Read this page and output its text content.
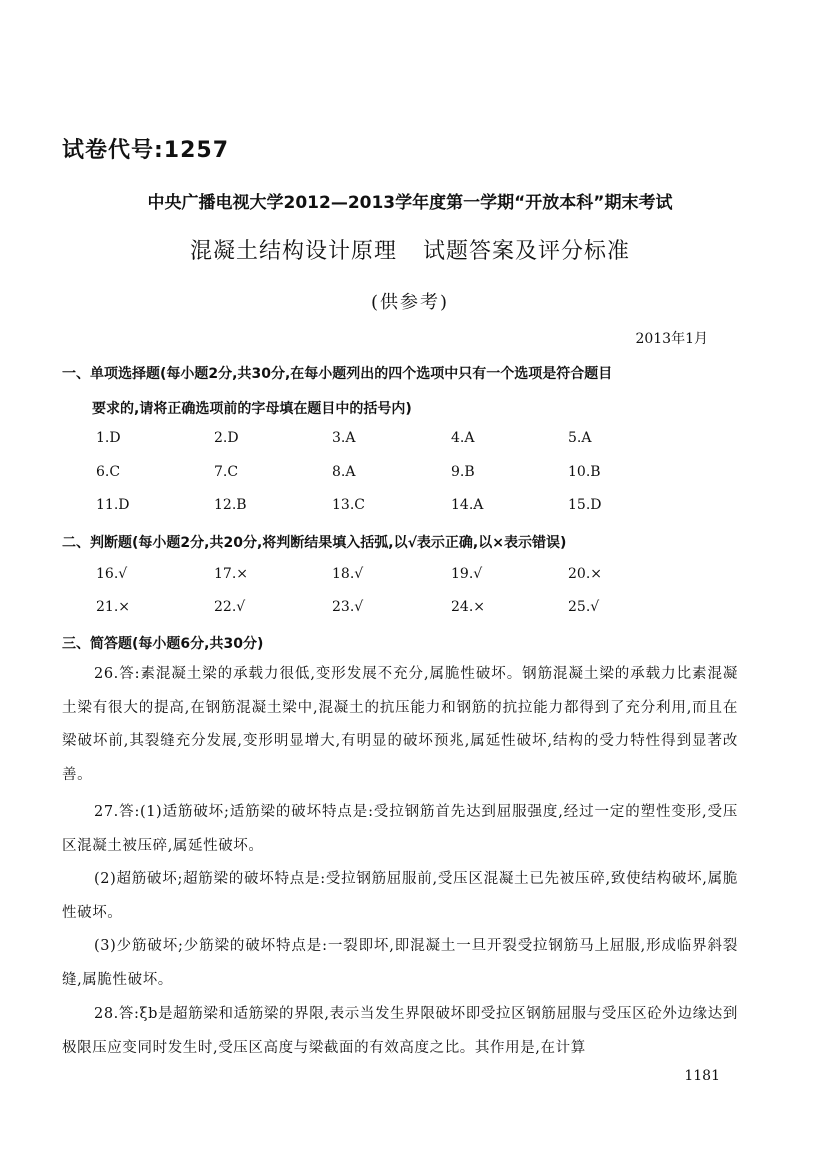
试卷代号:1257
中央广播电视大学2012—2013学年度第一学期“开放本科”期末考试
混凝土结构设计原理 试题答案及评分标准
(供参考)
2013年1月
一、单项选择题(每小题2分,共30分,在每小题列出的四个选项中只有一个选项是符合题目
要求的,请将正确选项前的字母填在题目中的括号内)
1.D	2.D	3.A	4.A	5.A
6.C	7.C	8.A	9.B	10.B
11.D	12.B	13.C	14.A	15.D
二、判断题(每小题2分,共20分,将判断结果填入括弧,以√表示正确,以×表示错误)
16.√	17.×	18.√	19.√	20.×
21.×	22.√	23.√	24.×	25.√
三、简答题(每小题6分,共30分)
26.答:素混凝土梁的承载力很低,变形发展不充分,属脆性破坏。钢筋混凝土梁的承载力比素混凝土梁有很大的提高,在钢筋混凝土梁中,混凝土的抗压能力和钢筋的抗拉能力都得到了充分利用,而且在梁破坏前,其裂缝充分发展,变形明显增大,有明显的破坏预兆,属延性破坏,结构的受力特性得到显著改善。
27.答:(1)适筋破坏;适筋梁的破坏特点是:受拉钢筋首先达到屈服强度,经过一定的塑性变形,受压区混凝土被压碎,属延性破坏。
(2)超筋破坏;超筋梁的破坏特点是:受拉钢筋屈服前,受压区混凝土已先被压碎,致使结构破坏,属脆性破坏。
(3)少筋破坏;少筋梁的破坏特点是:一裂即坏,即混凝土一旦开裂受拉钢筋马上屈服,形成临界斜裂缝,属脆性破坏。
28.答:ξb是超筋梁和适筋梁的界限,表示当发生界限破坏即受拉区钢筋屈服与受压区砼外边缘达到极限压应变同时发生时,受压区高度与梁截面的有效高度之比。其作用是,在计算
1181
